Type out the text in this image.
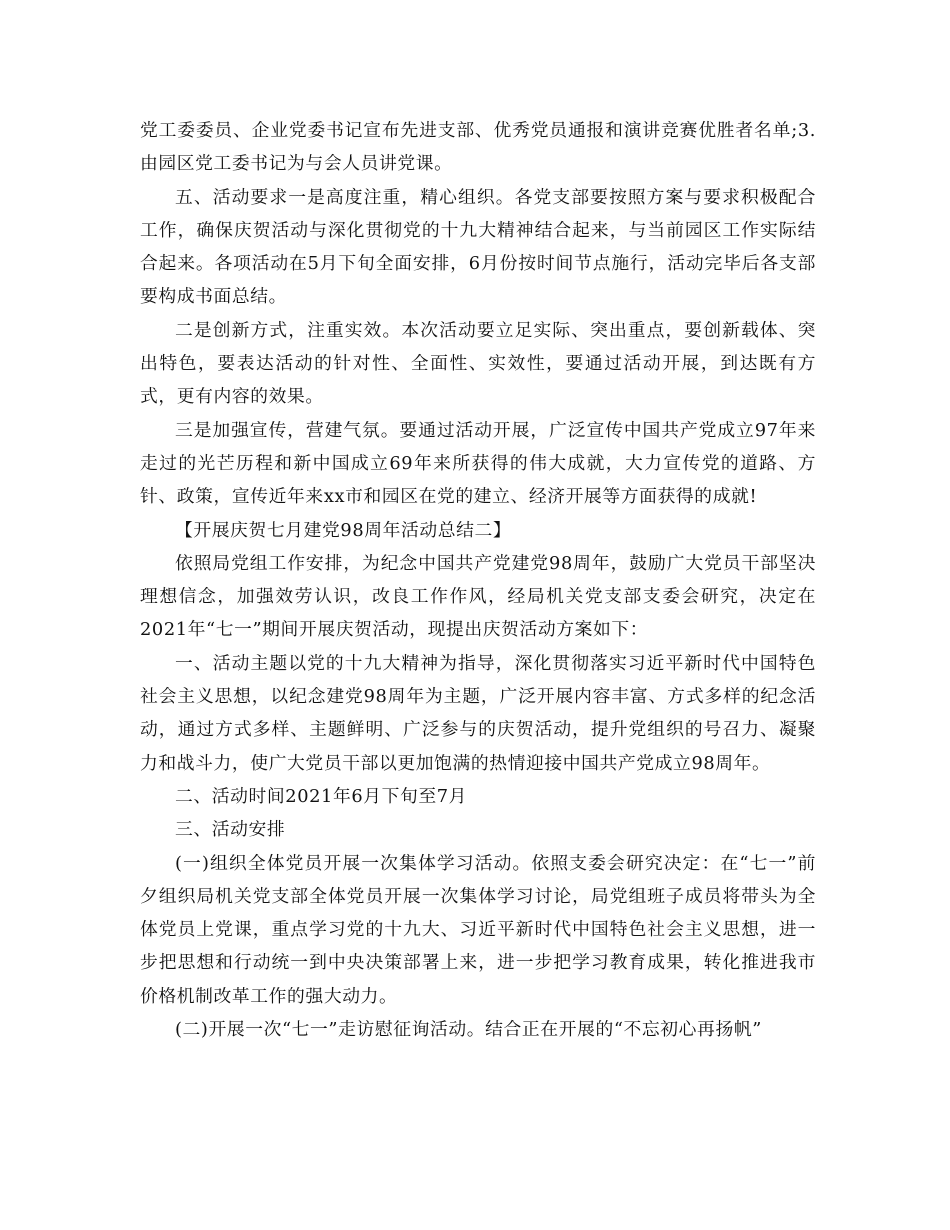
党工委委员、企业党委书记宣布先进支部、优秀党员通报和演讲竞赛优胜者名单;3.由园区党工委书记为与会人员讲党课。

五、活动要求一是高度注重，精心组织。各党支部要按照方案与要求积极配合工作，确保庆贺活动与深化贯彻党的十九大精神结合起来，与当前园区工作实际结合起来。各项活动在5月下旬全面安排，6月份按时间节点施行，活动完毕后各支部要构成书面总结。

二是创新方式，注重实效。本次活动要立足实际、突出重点，要创新载体、突出特色，要表达活动的针对性、全面性、实效性，要通过活动开展，到达既有方式，更有内容的效果。

三是加强宣传，营建气氛。要通过活动开展，广泛宣传中国共产党成立97年来走过的光芒历程和新中国成立69年来所获得的伟大成就，大力宣传党的道路、方针、政策，宣传近年来xx市和园区在党的建立、经济开展等方面获得的成就!

【开展庆贺七月建党98周年活动总结二】

依照局党组工作安排，为纪念中国共产党建党98周年，鼓励广大党员干部坚决理想信念，加强效劳认识，改良工作作风，经局机关党支部支委会研究，决定在2021年“七一”期间开展庆贺活动，现提出庆贺活动方案如下：

一、活动主题以党的十九大精神为指导，深化贯彻落实习近平新时代中国特色社会主义思想，以纪念建党98周年为主题，广泛开展内容丰富、方式多样的纪念活动，通过方式多样、主题鲜明、广泛参与的庆贺活动，提升党组织的号召力、凝聚力和战斗力，使广大党员干部以更加饱满的热情迎接中国共产党成立98周年。

二、活动时间2021年6月下旬至7月

三、活动安排

(一)组织全体党员开展一次集体学习活动。依照支委会研究决定：在“七一”前夕组织局机关党支部全体党员开展一次集体学习讨论，局党组班子成员将带头为全体党员上党课，重点学习党的十九大、习近平新时代中国特色社会主义思想，进一步把思想和行动统一到中央决策部署上来，进一步把学习教育成果，转化推进我市价格机制改革工作的强大动力。

(二)开展一次“七一”走访慰征询活动。结合正在开展的“不忘初心再扬帆”
